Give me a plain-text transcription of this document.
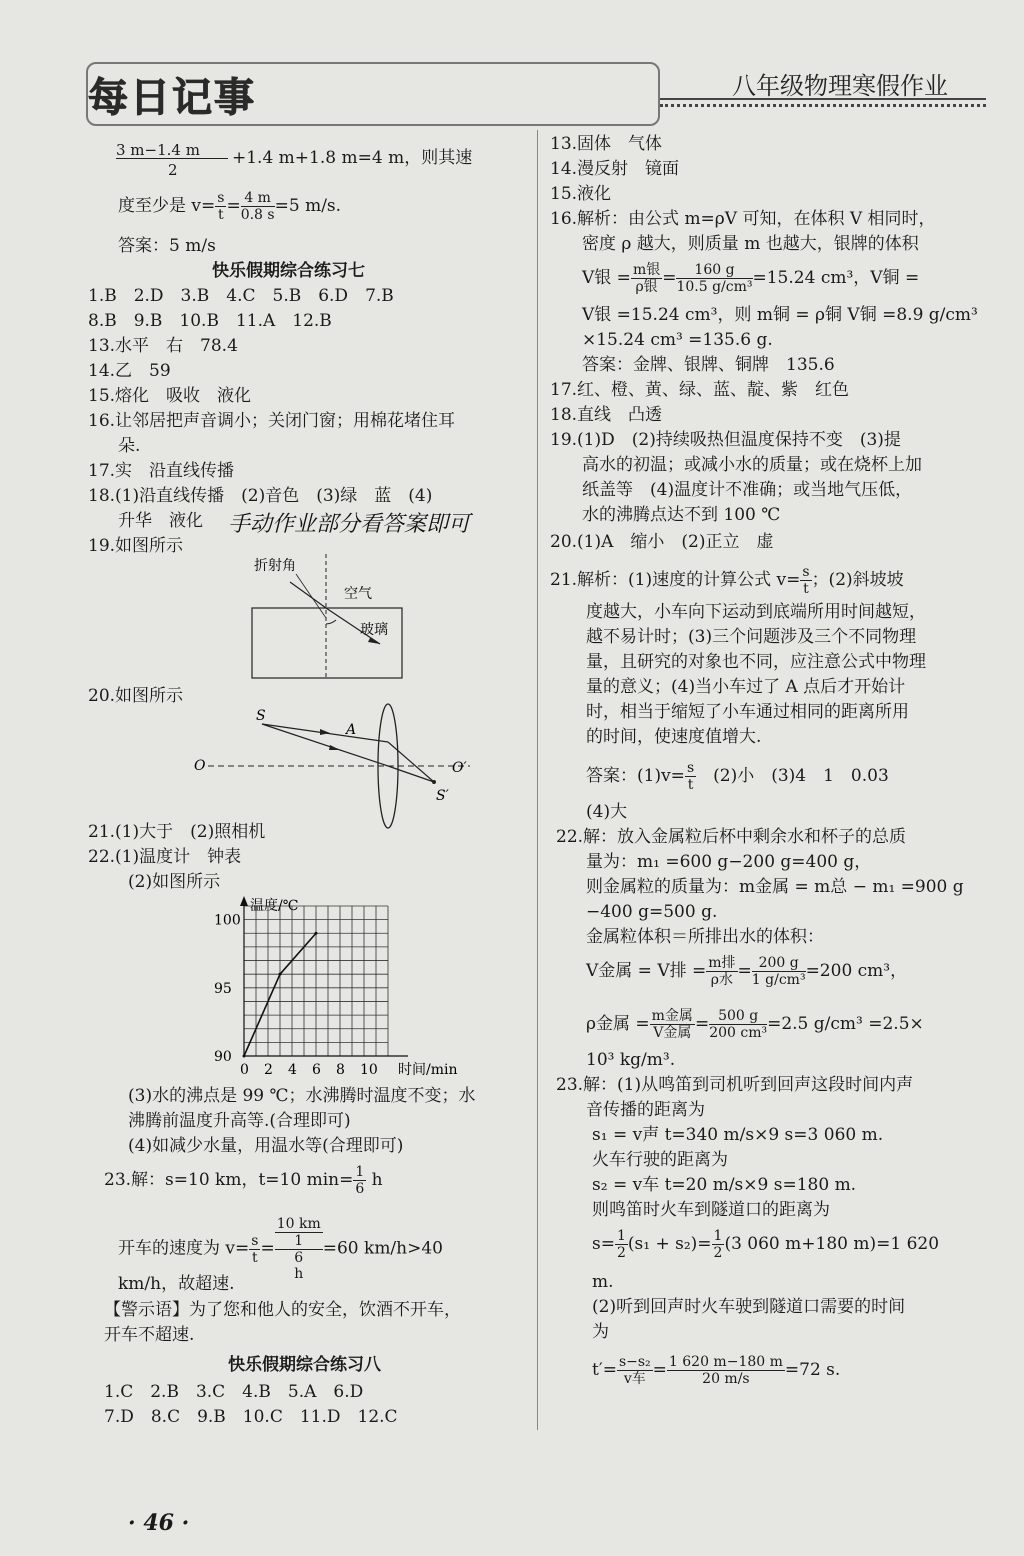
每日记事	八年级物理寒假作业
3 m−1.4 m
2
+1.4 m+1.8 m=4 m，则其速
度至少是 $v= \frac{s}{t} = \frac{4 m}{0.8 s} =5$ m/s.
答案：5 m/s
快乐假期综合练习七
1.B　2.D　3.B　4.C　5.B　6.D　7.B
8.B　9.B　10.B　11.A　12.B
13.水平　右　78.4
14.乙　59
15.熔化　吸收　液化
16.让邻居把声音调小；关闭门窗；用棉花堵住耳
朵.
17.实　沿直线传播
18.(1)沿直线传播　(2)音色　(3)绿　蓝　(4)
升华　液化 手动作业部分看答案即可
19.如图所示
折射角
空气
玻璃
20.如图所示
S
A
O	O′
S′
21.(1)大于　(2)照相机
22.(1)温度计　钟表
(2)如图所示
温度/℃
时间/min
0 2 4 6 8 10
90
95
100
(3)水的沸点是 99 ℃；水沸腾时温度不变；水
沸腾前温度升高等.(合理即可)
(4)如减少水量，用温水等(合理即可)
23.解：s=10 km，t=10 $\min= \frac{1}{6}$ h
开车的速度为 $v= \frac{s}{t} = 10$ km
1
6
h =60 km/h>40
km/h，故超速.
【警示语】为了您和他人的安全，饮酒不开车，
开车不超速.
快乐假期综合练习八
1.C　2.B　3.C　4.B　5.A　6.D
7.D　8.C　9.B　10.C　11.D　12.C
13.固体　气体
14.漫反射　镜面
15.液化
16.解析：由公式 m=ρV 可知，在体积 V 相同时，
密度 ρ 越大，则质量 m 也越大，银牌的体积
V银 = $\frac{\text{m银}}{\text{ρ银}} = \frac{160 g}{\text{10.5 g/cm³}} =15.24$ cm³，V铜 =
V银 =15.24 cm³，则 m铜 = ρ铜 V铜 =8.9 g/cm³
×15.24 cm³ =135.6 g.
答案：金牌、银牌、铜牌　135.6
17.红、橙、黄、绿、蓝、靛、紫　红色
18.直线　凸透
19.(1)D　(2)持续吸热但温度保持不变　(3)提
高水的初温；或减小水的质量；或在烧杯上加
纸盖等　(4)温度计不准确；或当地气压低，
水的沸腾点达不到 100 ℃
20.(1)A　缩小　(2)正立　虚
21.解析：(1)速度的计算公式 $v= \frac{s}{t}$ ；(2)斜坡坡
度越大，小车向下运动到底端所用时间越短，
越不易计时；(3)三个问题涉及三个不同物理
量，且研究的对象也不同，应注意公式中物理
量的意义；(4)当小车过了 A 点后才开始计
时，相当于缩短了小车通过相同的距离所用
的时间，使速度值增大.
答案：$(1)v= \frac{s}{t}$
　 (2)小　(3)4　1　0.03
(4)大
22.解：放入金属粒后杯中剩余水和杯子的总质
量为：m₁ =600 g−200 g=400 g，
则金属粒的质量为：m金属 = m总 − m₁ =900 g
−400 g=500 g.
金属粒体积＝所排出水的体积：
V金属 = V排 = $\frac{\text{m排}}{\text{ρ水}} = \frac{200 g}{\text{1 g/cm³}} =200$ cm³，
ρ金属 = $\frac{\text{m金属}}{\text{V金属}} = \frac{500 g}{\text{200 cm³}} =2.5$ g/cm³ =2.5×
10³ kg/m³.
23.解：(1)从鸣笛到司机听到回声这段时间内声
音传播的距离为
s₁ = v声 t=340 m/s×9 s=3 060 m.
火车行驶的距离为
s₂ = v车 t=20 m/s×9 s=180 m.
则鸣笛时火车到隧道口的距离为
$s= \frac{1}{2} (s_1 + s_2)= \frac{1}{2} (3$ 060 m+180 m)=1 620
m.
(2)听到回声时火车驶到隧道口需要的时间
为
$t'= \frac{\text{s−s₂}}{\text{v车}} = \frac{1 620 m-180 m}{20 m/s} =72$ s.
· 46 ·
